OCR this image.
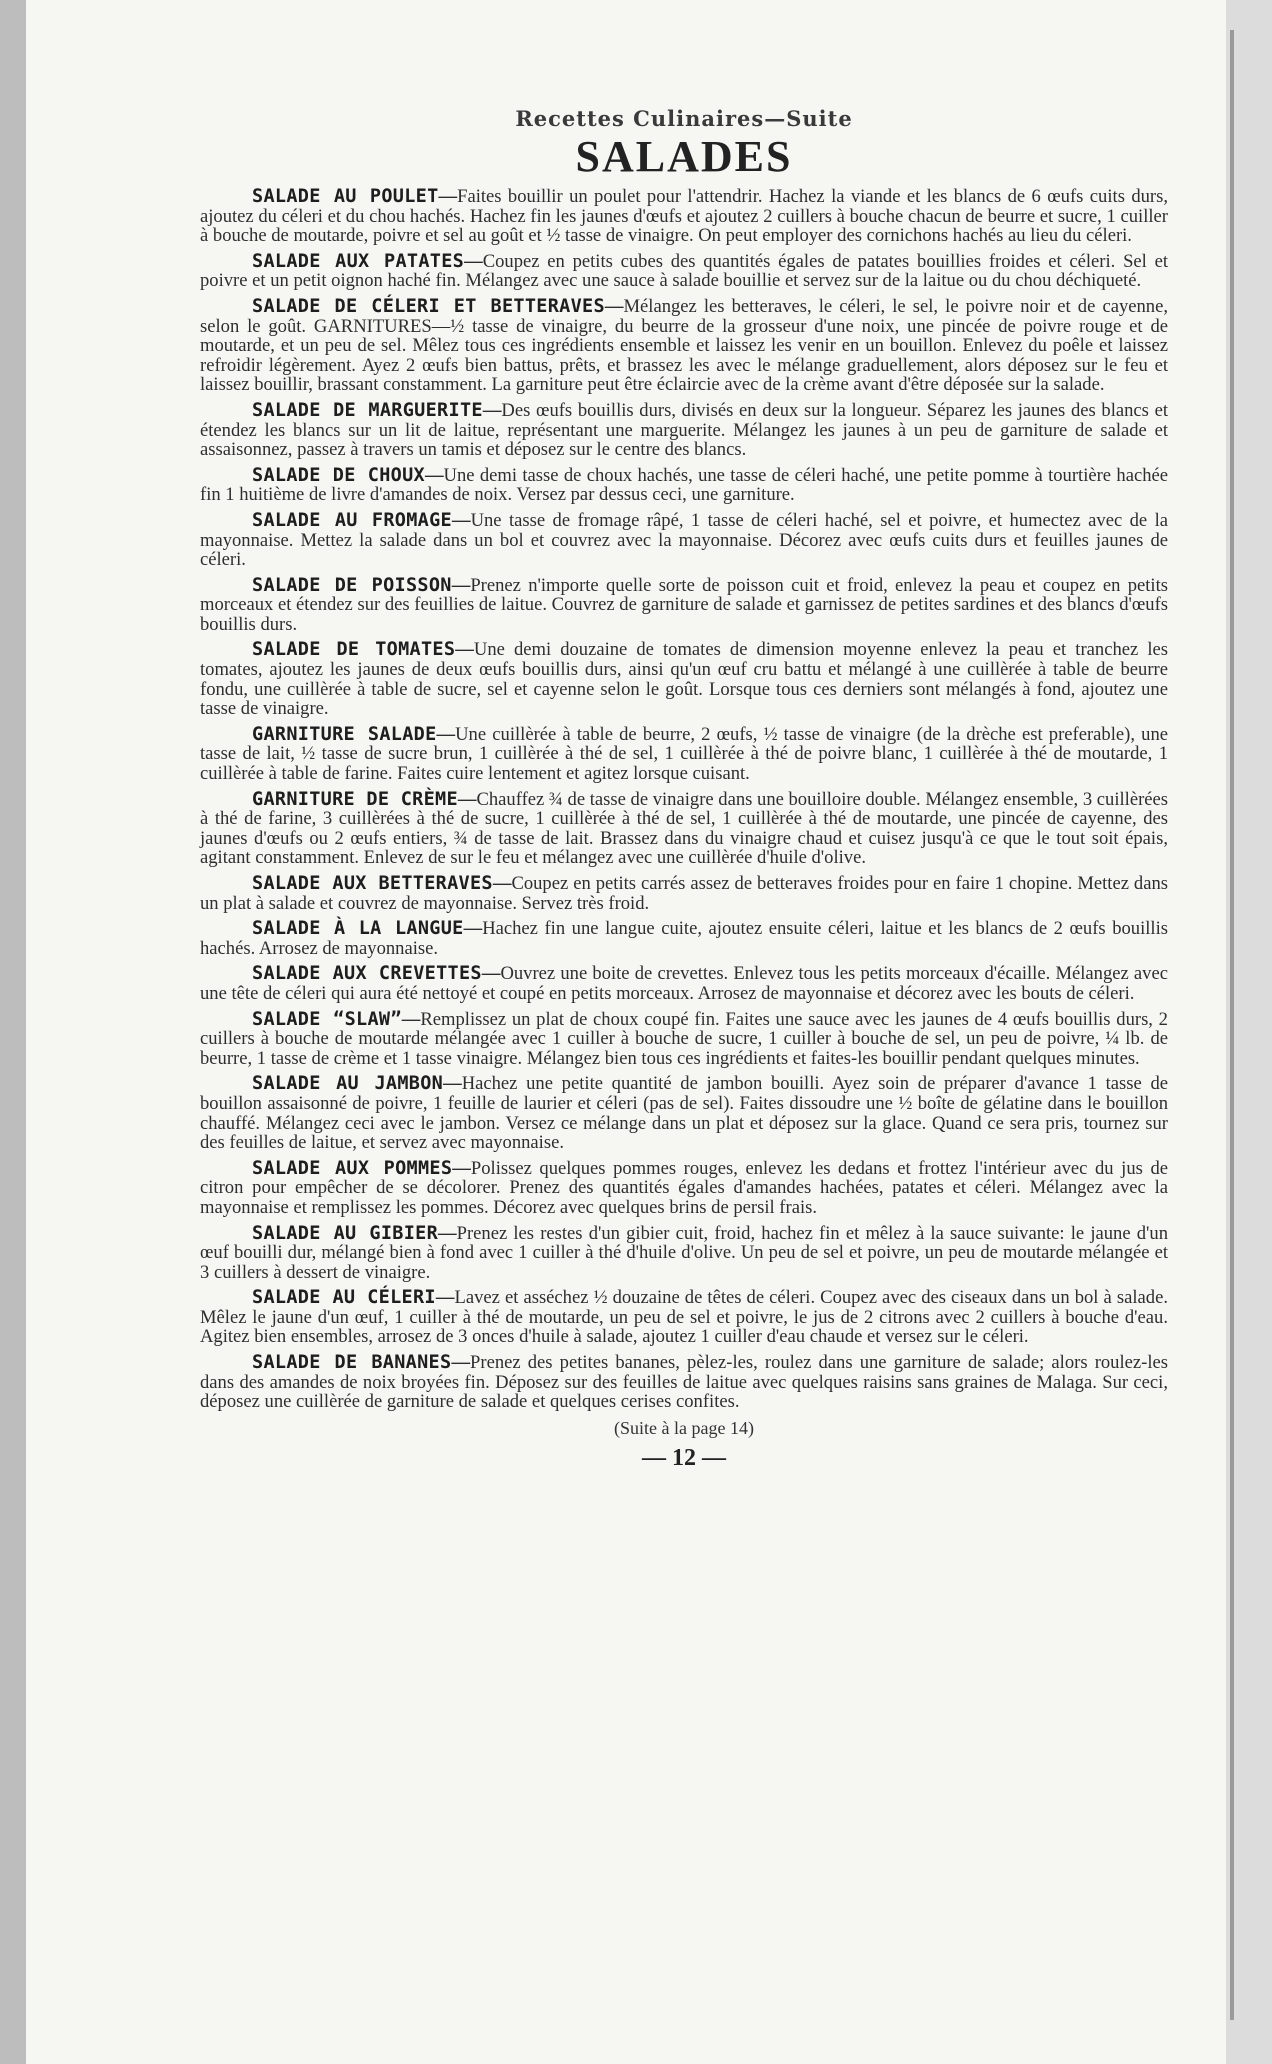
Recettes Culinaires—Suite
SALADES

SALADE AU POULET—Faites bouillir un poulet pour l'attendrir. Hachez la viande et les blancs de 6 œufs cuits durs, ajoutez du céleri et du chou hachés. Hachez fin les jaunes d'œufs et ajoutez 2 cuillers à bouche chacun de beurre et sucre, 1 cuiller à bouche de moutarde, poivre et sel au goût et ½ tasse de vinaigre. On peut employer des cornichons hachés au lieu du céleri.

SALADE AUX PATATES—Coupez en petits cubes des quantités égales de patates bouillies froides et céleri. Sel et poivre et un petit oignon haché fin. Mélangez avec une sauce à salade bouillie et servez sur de la laitue ou du chou déchiqueté.

SALADE DE CÉLERI ET BETTERAVES—Mélangez les betteraves, le céleri, le sel, le poivre noir et de cayenne, selon le goût. GARNITURES—½ tasse de vinaigre, du beurre de la grosseur d'une noix, une pincée de poivre rouge et de moutarde, et un peu de sel. Mêlez tous ces ingrédients ensemble et laissez les venir en un bouillon. Enlevez du poêle et laissez refroidir légèrement. Ayez 2 œufs bien battus, prêts, et brassez les avec le mélange graduellement, alors déposez sur le feu et laissez bouillir, brassant constamment. La garniture peut être éclaircie avec de la crème avant d'être déposée sur la salade.

SALADE DE MARGUERITE—Des œufs bouillis durs, divisés en deux sur la longueur. Séparez les jaunes des blancs et étendez les blancs sur un lit de laitue, représentant une marguerite. Mélangez les jaunes à un peu de garniture de salade et assaisonnez, passez à travers un tamis et déposez sur le centre des blancs.

SALADE DE CHOUX—Une demi tasse de choux hachés, une tasse de céleri haché, une petite pomme à tourtière hachée fin 1 huitième de livre d'amandes de noix. Versez par dessus ceci, une garniture.

SALADE AU FROMAGE—Une tasse de fromage râpé, 1 tasse de céleri haché, sel et poivre, et humectez avec de la mayonnaise. Mettez la salade dans un bol et couvrez avec la mayonnaise. Décorez avec œufs cuits durs et feuilles jaunes de céleri.

SALADE DE POISSON—Prenez n'importe quelle sorte de poisson cuit et froid, enlevez la peau et coupez en petits morceaux et étendez sur des feuillies de laitue. Couvrez de garniture de salade et garnissez de petites sardines et des blancs d'œufs bouillis durs.

SALADE DE TOMATES—Une demi douzaine de tomates de dimension moyenne enlevez la peau et tranchez les tomates, ajoutez les jaunes de deux œufs bouillis durs, ainsi qu'un œuf cru battu et mélangé à une cuillèrée à table de beurre fondu, une cuillèrée à table de sucre, sel et cayenne selon le goût. Lorsque tous ces derniers sont mélangés à fond, ajoutez une tasse de vinaigre.

GARNITURE SALADE—Une cuillèrée à table de beurre, 2 œufs, ½ tasse de vinaigre (de la drèche est preferable), une tasse de lait, ½ tasse de sucre brun, 1 cuillèrée à thé de sel, 1 cuillèrée à thé de poivre blanc, 1 cuillèrée à thé de moutarde, 1 cuillèrée à table de farine. Faites cuire lentement et agitez lorsque cuisant.

GARNITURE DE CRÈME—Chauffez ¾ de tasse de vinaigre dans une bouilloire double. Mélangez ensemble, 3 cuillèrées à thé de farine, 3 cuillèrées à thé de sucre, 1 cuillèrée à thé de sel, 1 cuillèrée à thé de moutarde, une pincée de cayenne, des jaunes d'œufs ou 2 œufs entiers, ¾ de tasse de lait. Brassez dans du vinaigre chaud et cuisez jusqu'à ce que le tout soit épais, agitant constamment. Enlevez de sur le feu et mélangez avec une cuillèrée d'huile d'olive.

SALADE AUX BETTERAVES—Coupez en petits carrés assez de betteraves froides pour en faire 1 chopine. Mettez dans un plat à salade et couvrez de mayonnaise. Servez très froid.

SALADE À LA LANGUE—Hachez fin une langue cuite, ajoutez ensuite céleri, laitue et les blancs de 2 œufs bouillis hachés. Arrosez de mayonnaise.

SALADE AUX CREVETTES—Ouvrez une boite de crevettes. Enlevez tous les petits morceaux d'écaille. Mélangez avec une tête de céleri qui aura été nettoyé et coupé en petits morceaux. Arrosez de mayonnaise et décorez avec les bouts de céleri.

SALADE “SLAW”—Remplissez un plat de choux coupé fin. Faites une sauce avec les jaunes de 4 œufs bouillis durs, 2 cuillers à bouche de moutarde mélangée avec 1 cuiller à bouche de sucre, 1 cuiller à bouche de sel, un peu de poivre, ¼ lb. de beurre, 1 tasse de crème et 1 tasse vinaigre. Mélangez bien tous ces ingrédients et faites-les bouillir pendant quelques minutes.

SALADE AU JAMBON—Hachez une petite quantité de jambon bouilli. Ayez soin de préparer d'avance 1 tasse de bouillon assaisonné de poivre, 1 feuille de laurier et céleri (pas de sel). Faites dissoudre une ½ boîte de gélatine dans le bouillon chauffé. Mélangez ceci avec le jambon. Versez ce mélange dans un plat et déposez sur la glace. Quand ce sera pris, tournez sur des feuilles de laitue, et servez avec mayonnaise.

SALADE AUX POMMES—Polissez quelques pommes rouges, enlevez les dedans et frottez l'intérieur avec du jus de citron pour empêcher de se décolorer. Prenez des quantités égales d'amandes hachées, patates et céleri. Mélangez avec la mayonnaise et remplissez les pommes. Décorez avec quelques brins de persil frais.

SALADE AU GIBIER—Prenez les restes d'un gibier cuit, froid, hachez fin et mêlez à la sauce suivante: le jaune d'un œuf bouilli dur, mélangé bien à fond avec 1 cuiller à thé d'huile d'olive. Un peu de sel et poivre, un peu de moutarde mélangée et 3 cuillers à dessert de vinaigre.

SALADE AU CÉLERI—Lavez et asséchez ½ douzaine de têtes de céleri. Coupez avec des ciseaux dans un bol à salade. Mêlez le jaune d'un œuf, 1 cuiller à thé de moutarde, un peu de sel et poivre, le jus de 2 citrons avec 2 cuillers à bouche d'eau. Agitez bien ensembles, arrosez de 3 onces d'huile à salade, ajoutez 1 cuiller d'eau chaude et versez sur le céleri.

SALADE DE BANANES—Prenez des petites bananes, pèlez-les, roulez dans une garniture de salade; alors roulez-les dans des amandes de noix broyées fin. Déposez sur des feuilles de laitue avec quelques raisins sans graines de Malaga. Sur ceci, déposez une cuillèrée de garniture de salade et quelques cerises confites.

(Suite à la page 14)
— 12 —
